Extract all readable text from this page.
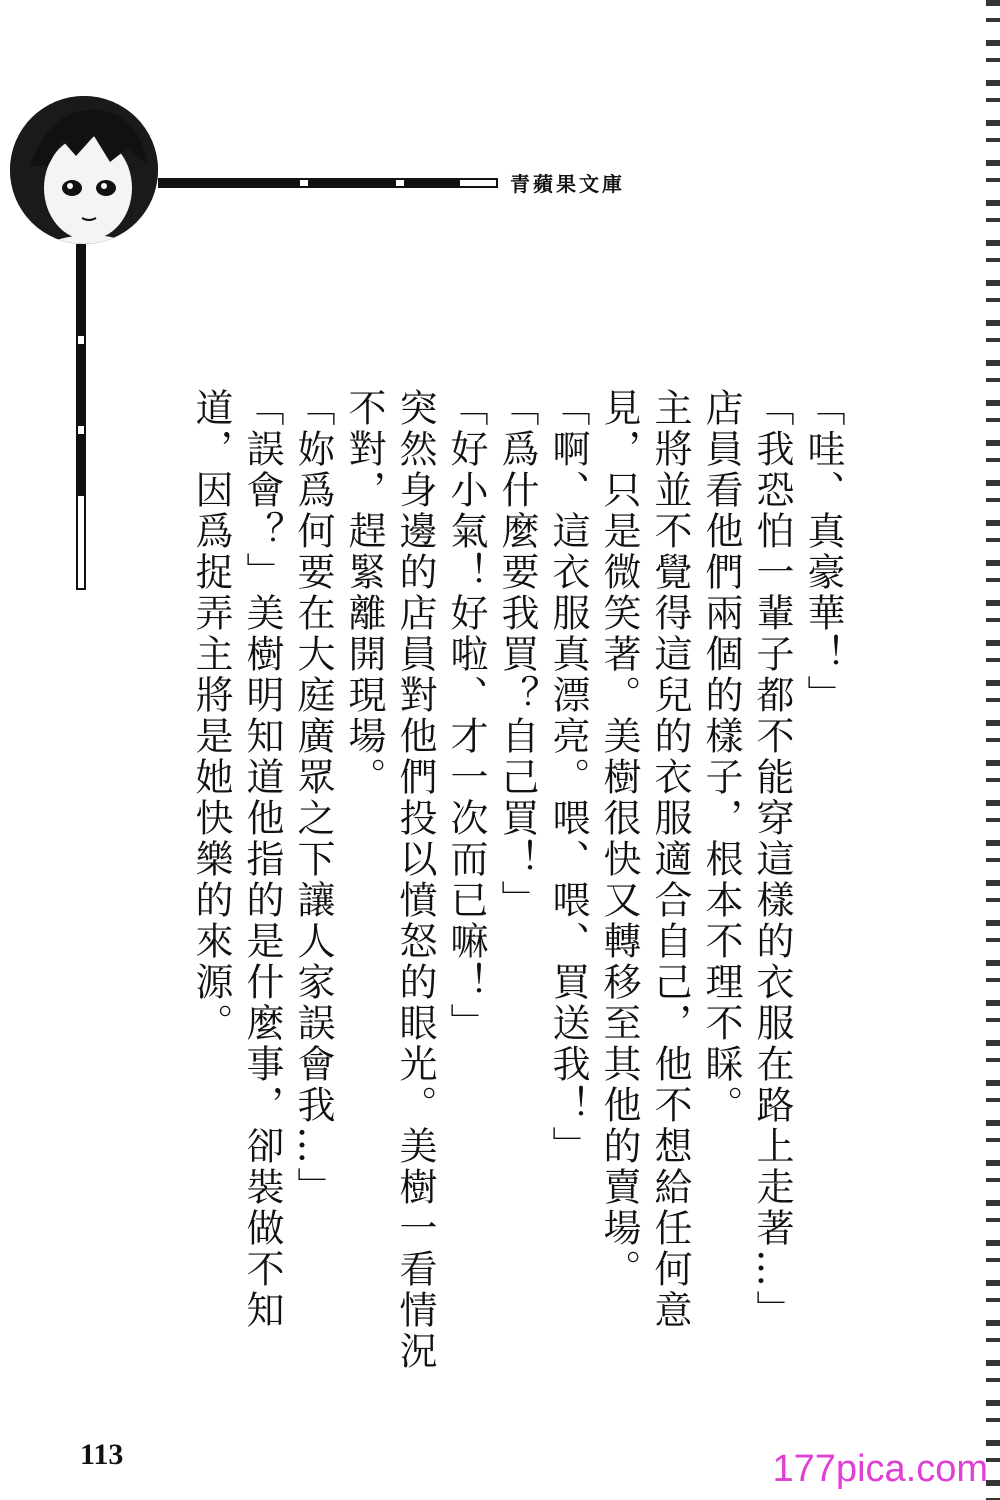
青蘋果文庫

「哇、真豪華！」

「我恐怕一輩子都不能穿這樣的衣服在路上走著…」

店員看他們兩個的樣子，根本不理不睬。

主將並不覺得這兒的衣服適合自己，他不想給任何意見，只是微笑著。美樹很快又轉移至其他的賣場。

「啊、這衣服真漂亮。喂、喂、買送我！」

「爲什麼要我買？自己買！」

「好小氣！好啦、才一次而已嘛！」

突然身邊的店員對他們投以憤怒的眼光。美樹一看情況不對，趕緊離開現場。

「妳爲何要在大庭廣眾之下讓人家誤會我…」

「誤會？」美樹明知道他指的是什麼事，卻裝做不知道，因爲捉弄主將是她快樂的來源。

113	177pica.com
